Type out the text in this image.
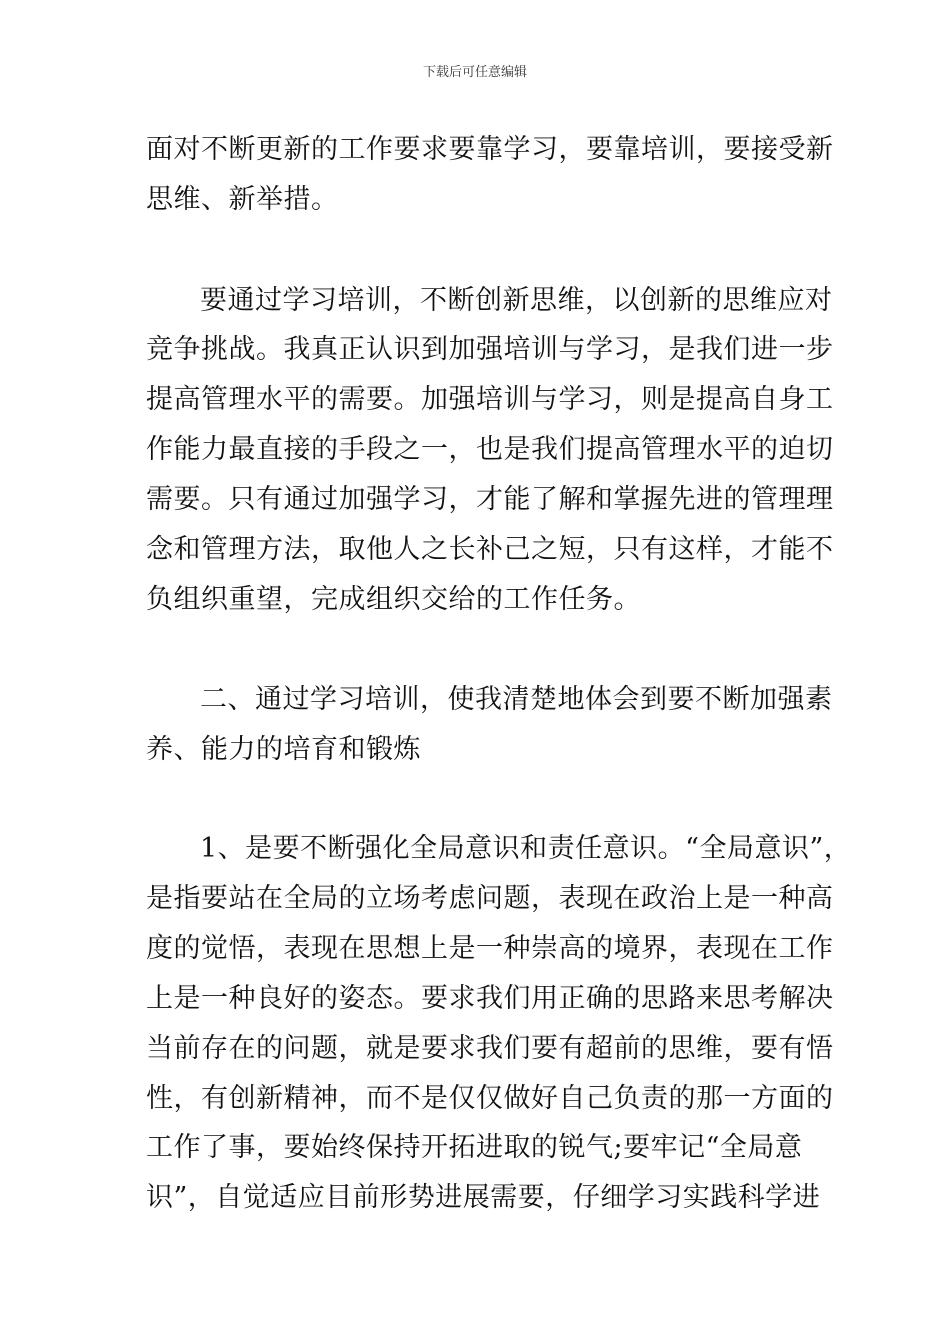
下载后可任意编辑
面对不断更新的工作要求要靠学习，要靠培训，要接受新
思维、新举措。
要通过学习培训，不断创新思维，以创新的思维应对
竞争挑战。我真正认识到加强培训与学习，是我们进一步
提高管理水平的需要。加强培训与学习，则是提高自身工
作能力最直接的手段之一，也是我们提高管理水平的迫切
需要。只有通过加强学习，才能了解和掌握先进的管理理
念和管理方法，取他人之长补己之短，只有这样，才能不
负组织重望，完成组织交给的工作任务。
二、通过学习培训，使我清楚地体会到要不断加强素
养、能力的培育和锻炼
1、是要不断强化全局意识和责任意识。“全局意识”，
是指要站在全局的立场考虑问题，表现在政治上是一种高
度的觉悟，表现在思想上是一种崇高的境界，表现在工作
上是一种良好的姿态。要求我们用正确的思路来思考解决
当前存在的问题，就是要求我们要有超前的思维，要有悟
性，有创新精神，而不是仅仅做好自己负责的那一方面的
工作了事，要始终保持开拓进取的锐气;要牢记“全局意
识”，自觉适应目前形势进展需要，仔细学习实践科学进
